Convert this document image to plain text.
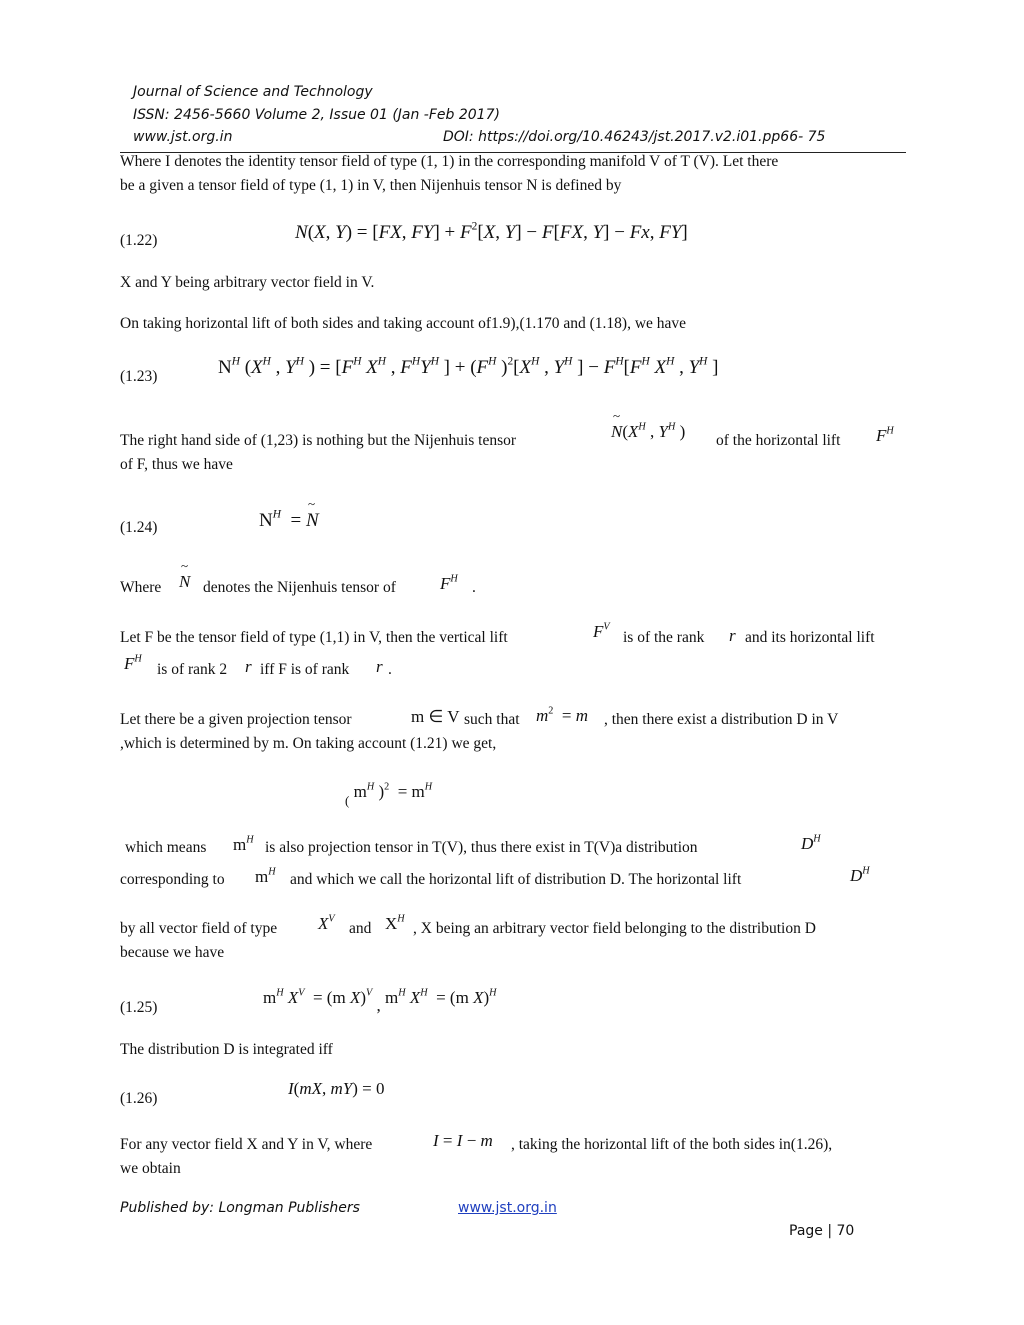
Journal of Science and Technology
ISSN: 2456-5660 Volume 2, Issue 01 (Jan -Feb 2017)
www.jst.org.in	DOI: https://doi.org/10.46243/jst.2017.v2.i01.pp66- 75
Where I denotes the identity tensor field of type (1, 1) in the corresponding manifold V of T (V). Let there
be a given a tensor field of type (1, 1) in V, then Nijenhuis tensor N is defined by
(1.22)	N(X, Y) = [FX, $FY] + F^2[X$, Y] − F[FX, Y] − Fx, FY]
X and Y being arbitrary vector field in V.
On taking horizontal lift of both sides and taking account of1.9),(1.170 and (1.18), we have
(1.23)	$N^H$ ($X^H$ , $Y^H$ ) = [$F^H$ $X^H$ , $F^HY^H$ ] + ($F^H$ )$^2[X^H$ , $Y^H$ ] − $F^H[F^H$ $X^H$ , $Y^H$ ]
The right hand side of (1,23) is nothing but the Nijenhuis tensor	~ $N(X^H$ , $Y^H$ ) of the horizontal lift $F^H$
of F, thus we have
(1.24)	$N^H$  = ~ N
Where ~ N denotes the Nijenhuis tensor of	$F^H$
.
Let F be the tensor field of type (1,1) in V, then the vertical lift	$F^V$
is of the rank r and its horizontal lift
$F^H$
is of rank 2 r iff F is of rank r .
Let there be a given projection tensor	m ∈ V such that $m^2 = m$ , then there exist a distribution D in V
,which is determined by m. On taking account (1.21) we get,
$_($ $m^H$ )$^2 = m^H$
which means $m^H$ is also projection tensor in T(V), thus there exist in T(V)a distribution	$D^H$
corresponding to $m^H$ and which we call the horizontal lift of distribution D. The horizontal lift	$D^H$
by all vector field of type $X^V$
and $X^H$
, X being an arbitrary vector field belonging to the distribution D
because we have
(1.25)
$m^H$ $X^V = (m$ X)$^V$ , $m^H$ $X^H = (m$ X)$^H$
The distribution D is integrated iff
(1.26)
I(mX, mY) = 0
For any vector field X and Y in V, where	I = I − m , taking the horizontal lift of the both sides in(1.26),
we obtain
Published by: Longman Publishers	www.jst.org.in
Page | 70
